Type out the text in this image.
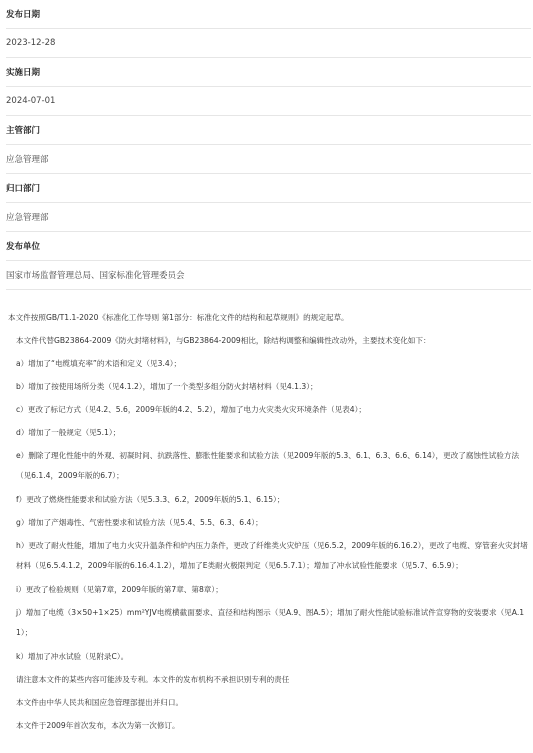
发布日期
2023-12-28
实施日期
2024-07-01
主管部门
应急管理部
归口部门
应急管理部
发布单位
国家市场监督管理总局、国家标准化管理委员会

本文件按照GB/T1.1-2020《标准化工作导则 第1部分：标准化文件的结构和起草规则》的规定起草。

本文件代替GB23864-2009《防火封堵材料》，与GB23864-2009相比，除结构调整和编辑性改动外，主要技术变化如下：

a）增加了“电缆填充率”的术语和定义（见3.4）；

b）增加了按使用场所分类（见4.1.2），增加了一个类型多组分防火封堵材料（见4.1.3）；

c）更改了标记方式（见4.2、5.6，2009年版的4.2、5.2），增加了电力火灾类火灾环境条件（见表4）；

d）增加了一般规定（见5.1）；

e）删除了理化性能中的外观、初凝时间、抗跌落性、膨胀性能要求和试验方法（见2009年版的5.3、6.1、6.3、6.6、6.14），更改了腐蚀性试验方法（见6.1.4，2009年版的6.7）；

f）更改了燃烧性能要求和试验方法（见5.3.3、6.2，2009年版的5.1、6.15）；

g）增加了产烟毒性、气密性要求和试验方法（见5.4、5.5、6.3、6.4）；

h）更改了耐火性能，增加了电力火灾升温条件和炉内压力条件，更改了纤维类火灾炉压（见6.5.2，2009年版的6.16.2），更改了电缆、穿管套火灾封堵材料（见6.5.4.1.2，2009年版的6.16.4.1.2），增加了E类耐火极限判定（见6.5.7.1）；增加了冲水试验性能要求（见5.7、6.5.9）；

i）更改了检验规则（见第7章，2009年版的第7章、第8章）；

j）增加了电缆（3×50+1×25）mm²YJV电缆横截面要求、直径和结构图示（见A.9、图A.5）；增加了耐火性能试验标准试件宣穿物的安装要求（见A.11）；

k）增加了冲水试验（见附录C）。

请注意本文件的某些内容可能涉及专利。本文件的发布机构不承担识别专利的责任

本文件由中华人民共和国应急管理部提出并归口。

本文件于2009年首次发布，本次为第一次修订。
